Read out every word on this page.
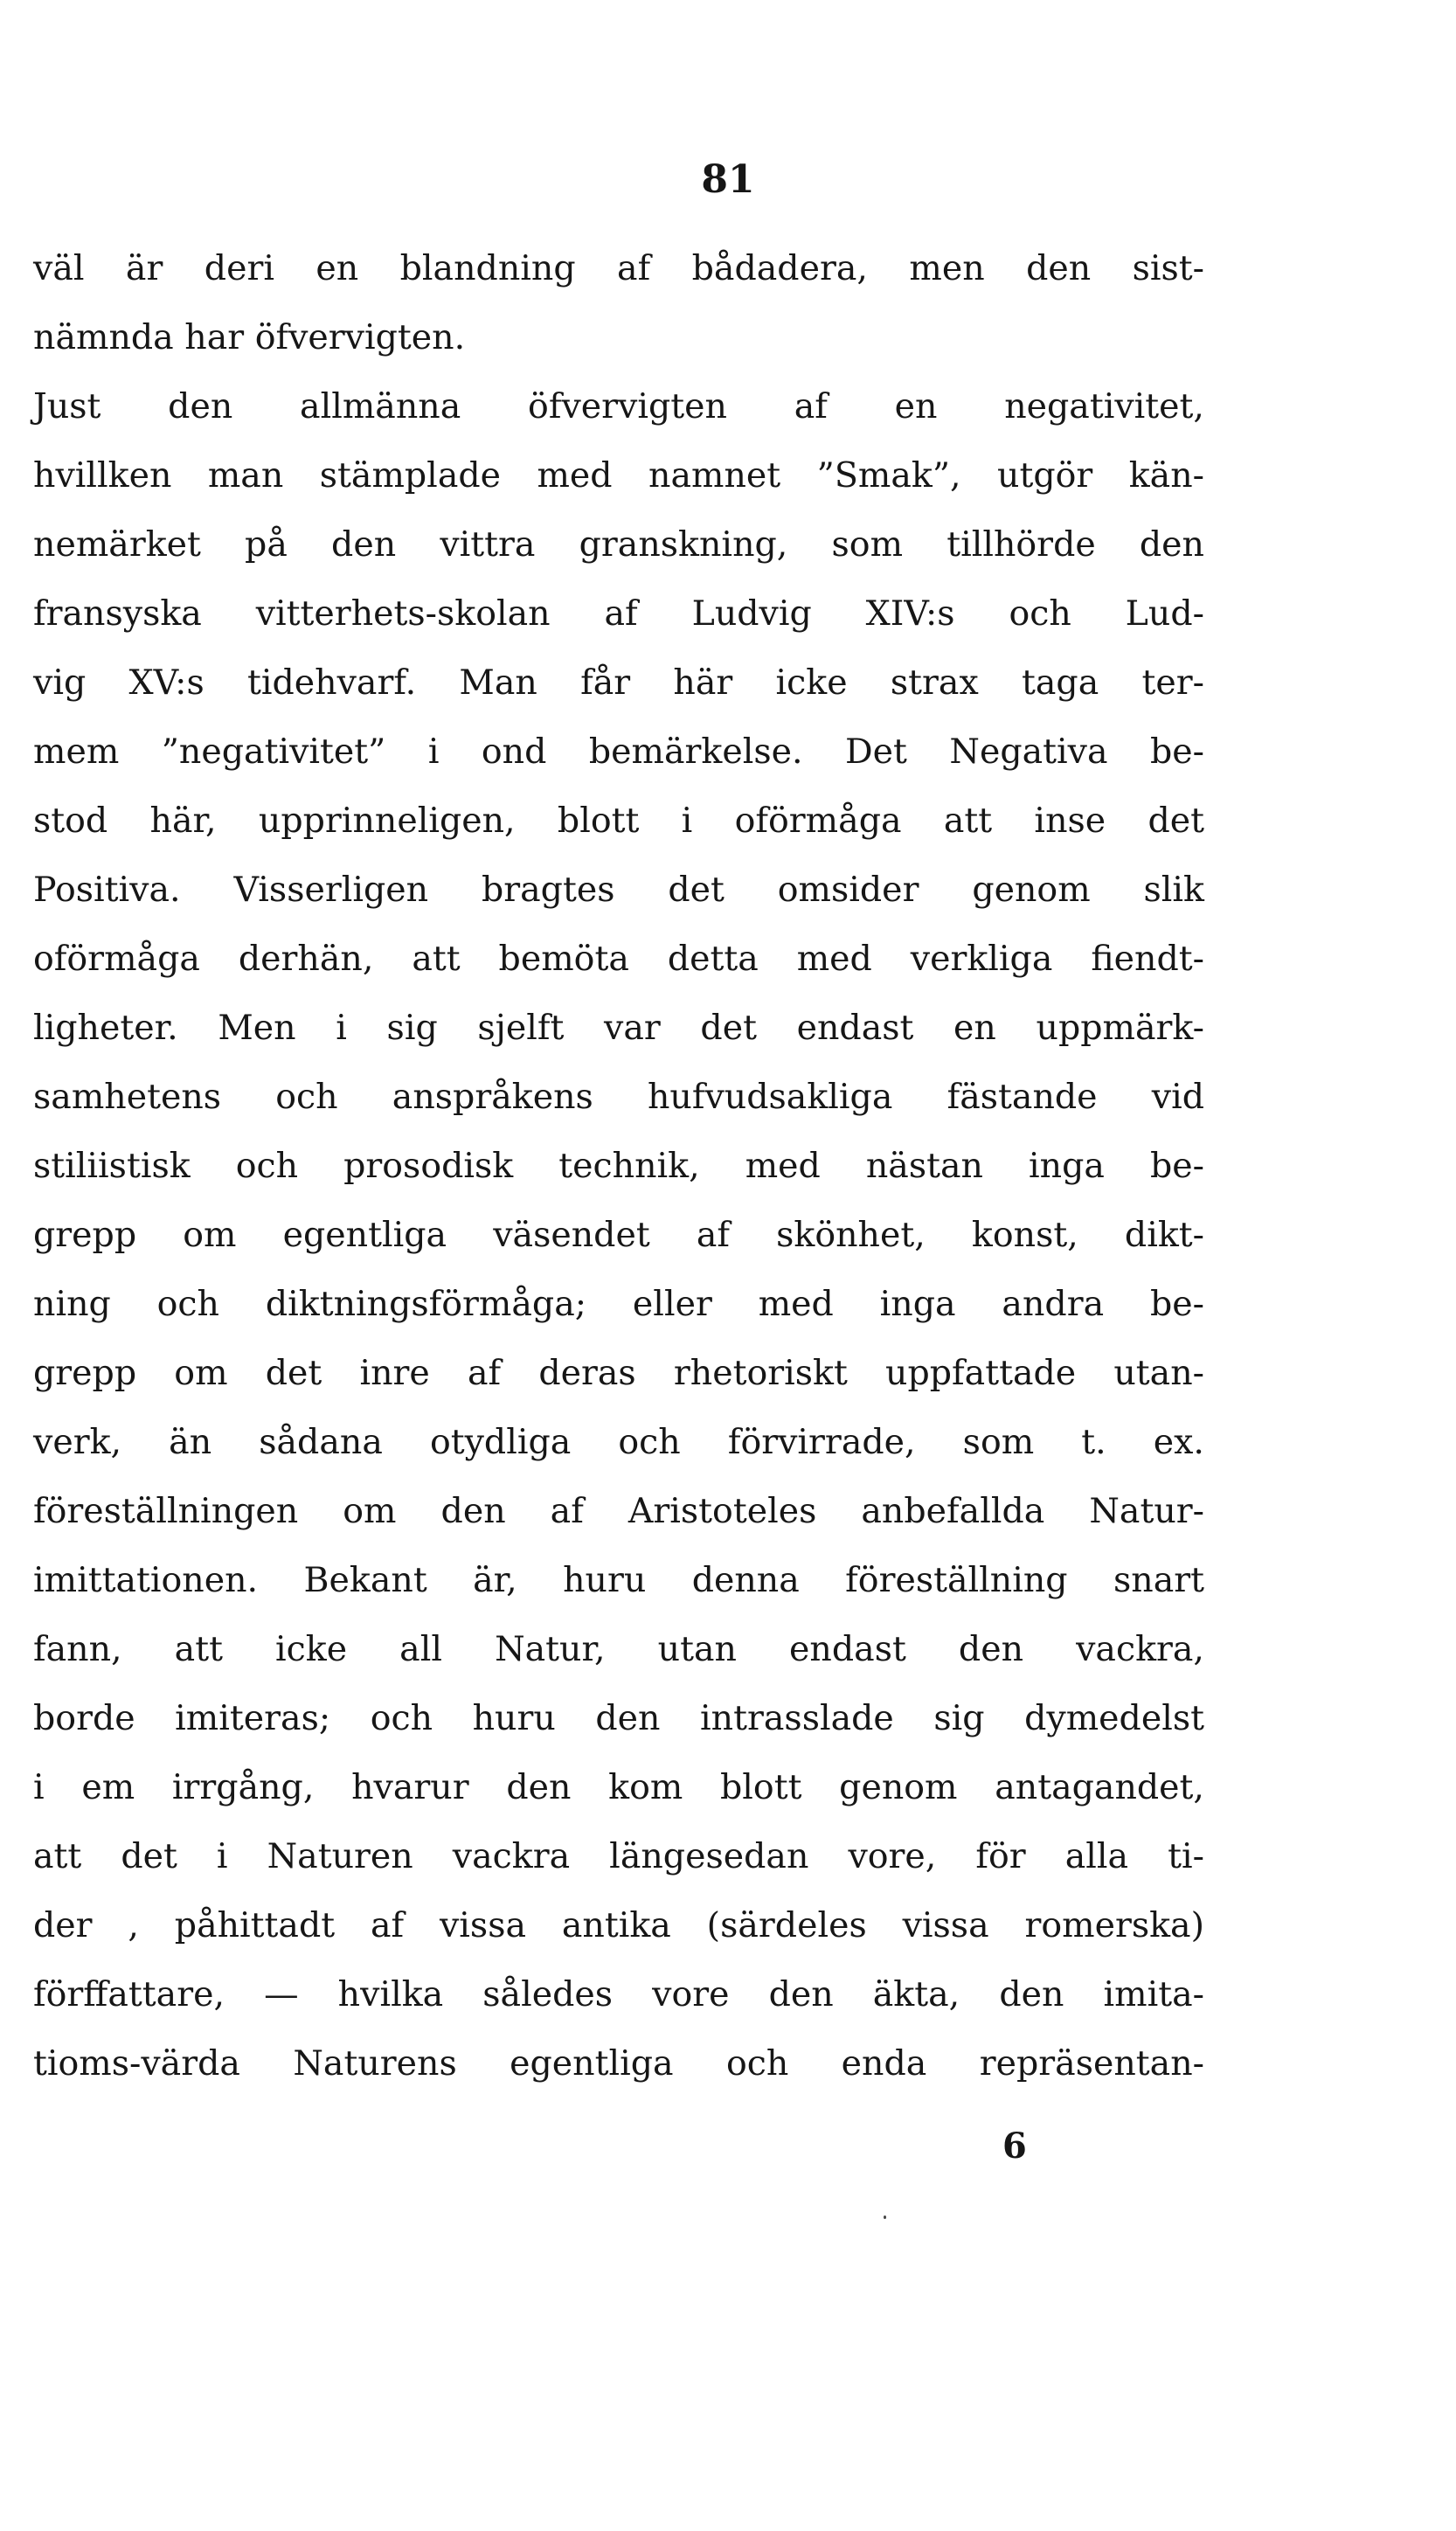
81
väl är deri en blandning af bådadera, men den sist-
nämnda har öfvervigten.
Just den allmänna öfvervigten af en negativitet,
hvillken man stämplade med namnet ”Smak”, utgör kän-
nemärket på den vittra granskning, som tillhörde den
fransyska vitterhets-skolan af Ludvig XIV:s och Lud-
vig XV:s tidehvarf. Man får här icke strax taga ter-
mem ”negativitet” i ond bemärkelse. Det Negativa be-
stod här, upprinneligen, blott i oförmåga att inse det
Positiva. Visserligen bragtes det omsider genom slik
oförmåga derhän, att bemöta detta med verkliga fiendt-
ligheter. Men i sig sjelft var det endast en uppmärk-
samhetens och anspråkens hufvudsakliga fästande vid
stiliistisk och prosodisk technik, med nästan inga be-
grepp om egentliga väsendet af skönhet, konst, dikt-
ning och diktningsförmåga; eller med inga andra be-
grepp om det inre af deras rhetoriskt uppfattade utan-
verk, än sådana otydliga och förvirrade, som t. ex.
föreställningen om den af Aristoteles anbefallda Natur-
imittationen. Bekant är, huru denna föreställning snart
fann, att icke all Natur, utan endast den vackra,
borde imiteras; och huru den intrasslade sig dymedelst
i em irrgång, hvarur den kom blott genom antagandet,
att det i Naturen vackra längesedan vore, för alla ti-
der , påhittadt af vissa antika (särdeles vissa romerska)
förffattare, — hvilka således vore den äkta, den imita-
tioms-värda Naturens egentliga och enda repräsentan-
6
